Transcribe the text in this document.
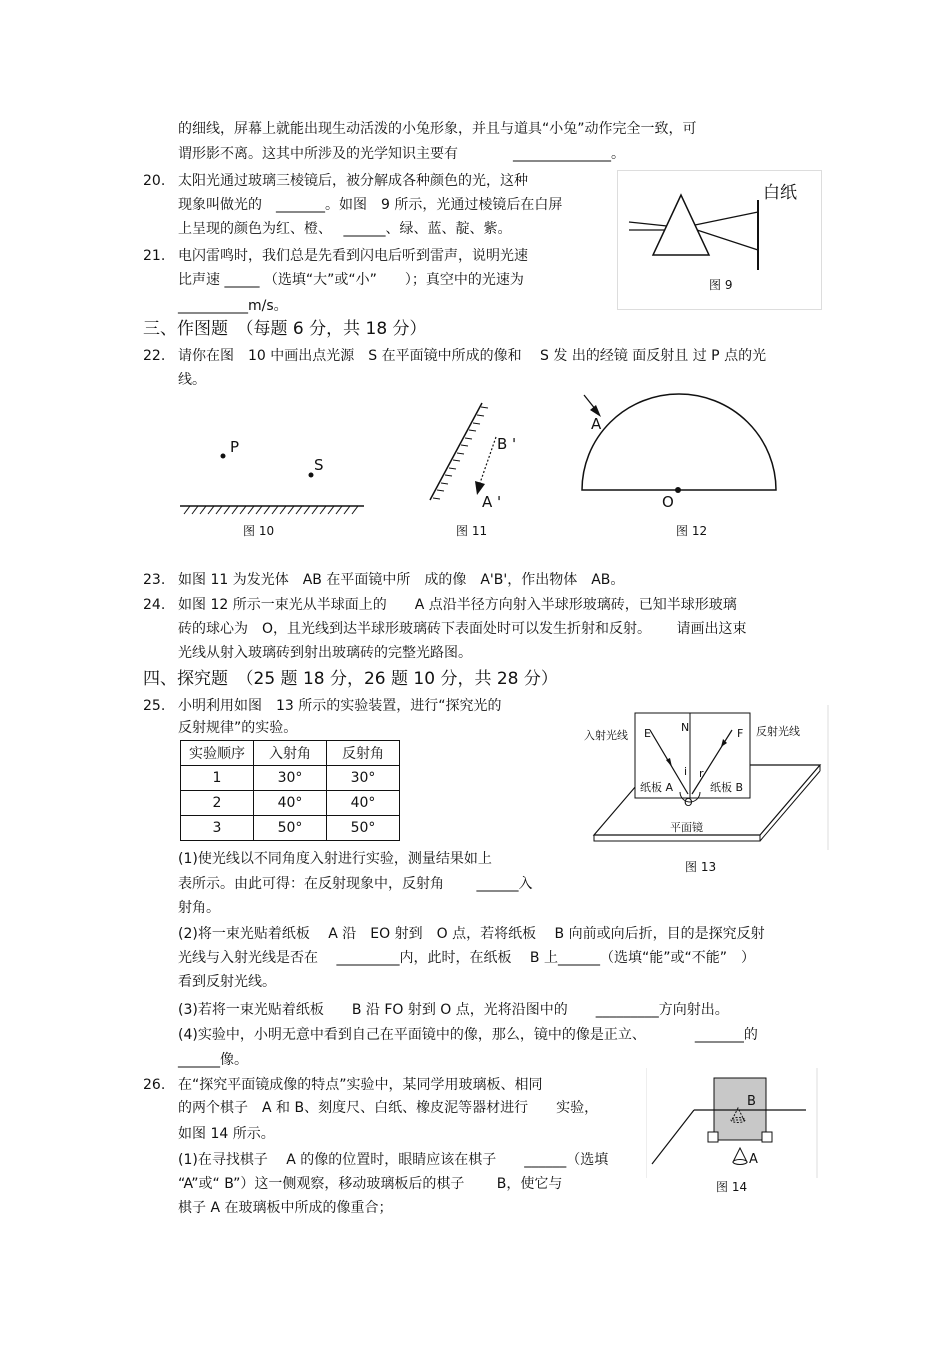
的细线，屏幕上就能出现生动活泼的小兔形象，并且与道具“小兔”动作完全一致，可
谓形影不离。这其中所涉及的光学知识主要有	______________。
20. 太阳光通过玻璃三棱镜后，被分解成各种颜色的光，这种
现象叫做光的　_______。如图　9 所示，光通过棱镜后在白屏
上呈现的颜色为红、橙、　 ______、绿、蓝、靛、紫。
21. 电闪雷鸣时，我们总是先看到闪电后听到雷声，说明光速
比声速 _____ （选填“大”或“小”　　）；真空中的光速为
__________m/s。
白纸
图 9
三、作图题　（每题 6 分，共 18 分）
22. 请你在图　10 中画出点光源　S 在平面镜中所成的像和　 S 发 出的经镜 面反射且 过 P 点的光
线。
P
S
图 10
B '
A '
图 11
A
O
图 12
23. 如图 11 为发光体　AB 在平面镜中所　成的像　A'B'，作出物体　AB。
24. 如图 12 所示一束光从半球面上的　　A 点沿半径方向射入半球形玻璃砖，已知半球形玻璃
砖的球心为　O，且光线到达半球形玻璃砖下表面处时可以发生折射和反射。　　 请画出这束
光线从射入玻璃砖到射出玻璃砖的完整光路图。
四、探究题　（25 题 18 分，26 题 10 分，共 28 分）
25. 小明利用如图　13 所示的实验装置，进行“探究光的
反射规律”的实验。
实验顺序	入射角	反射角
1	30°	30°
2	40°	40°
3	50°	50°
入射光线	反射光线
E	N	F
i r
纸板 A	纸板 B
O
平面镜
图 13
(1)使光线以不同角度入射进行实验，测量结果如上
表所示。由此可得：在反射现象中，反射角　　 ______入
射角。
(2)将一束光贴着纸板　 A 沿　EO 射到　O 点，若将纸板　 B 向前或向后折，目的是探究反射
光线与入射光线是否在　 _________内，此时，在纸板　 B 上______（选填“能”或“不能”　）
看到反射光线。
(3)若将一束光贴着纸板　　B 沿 FO 射到 O 点，光将沿图中的　　_________方向射出。
(4)实验中，小明无意中看到自己在平面镜中的像，那么，镜中的像是正立、　　　　_______的
______像。
26. 在“探究平面镜成像的特点”实验中，某同学用玻璃板、相同
的两个棋子　A 和 B、刻度尺、白纸、橡皮泥等器材进行　　实验，
如图 14 所示。
(1)在寻找棋子　 A 的像的位置时，眼睛应该在棋子　　______（选填
“A”或“ B”）这一侧观察，移动玻璃板后的棋子　　 B，使它与
棋子 A 在玻璃板中所成的像重合；
B
A
图 14
